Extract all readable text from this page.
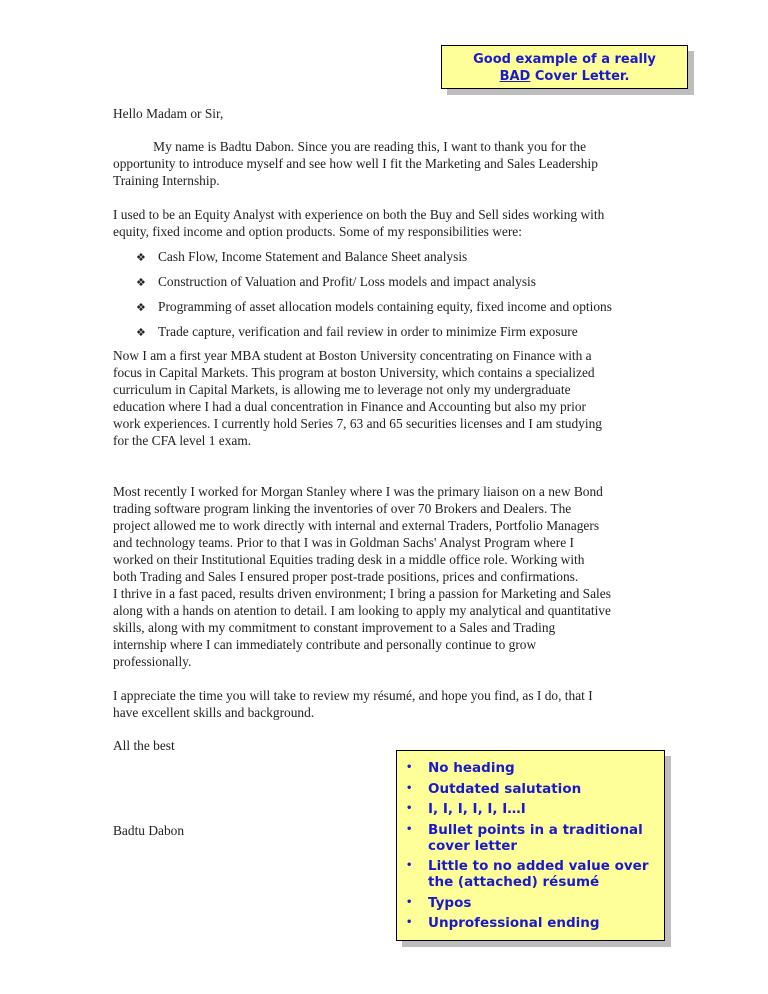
Good example of a really
BAD Cover Letter.
Hello Madam or Sir,
My name is Badtu Dabon. Since you are reading this, I want to thank you for the
opportunity to introduce myself and see how well I fit the Marketing and Sales Leadership
Training Internship.
I used to be an Equity Analyst with experience on both the Buy and Sell sides working with
equity, fixed income and option products. Some of my responsibilities were:
❖ Cash Flow, Income Statement and Balance Sheet analysis
❖ Construction of Valuation and Profit/ Loss models and impact analysis
❖ Programming of asset allocation models containing equity, fixed income and options
❖ Trade capture, verification and fail review in order to minimize Firm exposure
Now I am a first year MBA student at Boston University concentrating on Finance with a
focus in Capital Markets. This program at boston University, which contains a specialized
curriculum in Capital Markets, is allowing me to leverage not only my undergraduate
education where I had a dual concentration in Finance and Accounting but also my prior
work experiences. I currently hold Series 7, 63 and 65 securities licenses and I am studying
for the CFA level 1 exam.
Most recently I worked for Morgan Stanley where I was the primary liaison on a new Bond
trading software program linking the inventories of over 70 Brokers and Dealers. The
project allowed me to work directly with internal and external Traders, Portfolio Managers
and technology teams. Prior to that I was in Goldman Sachs' Analyst Program where I
worked on their Institutional Equities trading desk in a middle office role. Working with
both Trading and Sales I ensured proper post-trade positions, prices and confirmations.
I thrive in a fast paced, results driven environment; I bring a passion for Marketing and Sales
along with a hands on atention to detail. I am looking to apply my analytical and quantitative
skills, along with my commitment to constant improvement to a Sales and Trading
internship where I can immediately contribute and personally continue to grow
professionally.
I appreciate the time you will take to review my résumé, and hope you find, as I do, that I
have excellent skills and background.
All the best
Badtu Dabon
• No heading
• Outdated salutation
• I, I, I, I, I, I…I
• Bullet points in a traditional cover letter
• Little to no added value over the (attached) résumé
• Typos
• Unprofessional ending
